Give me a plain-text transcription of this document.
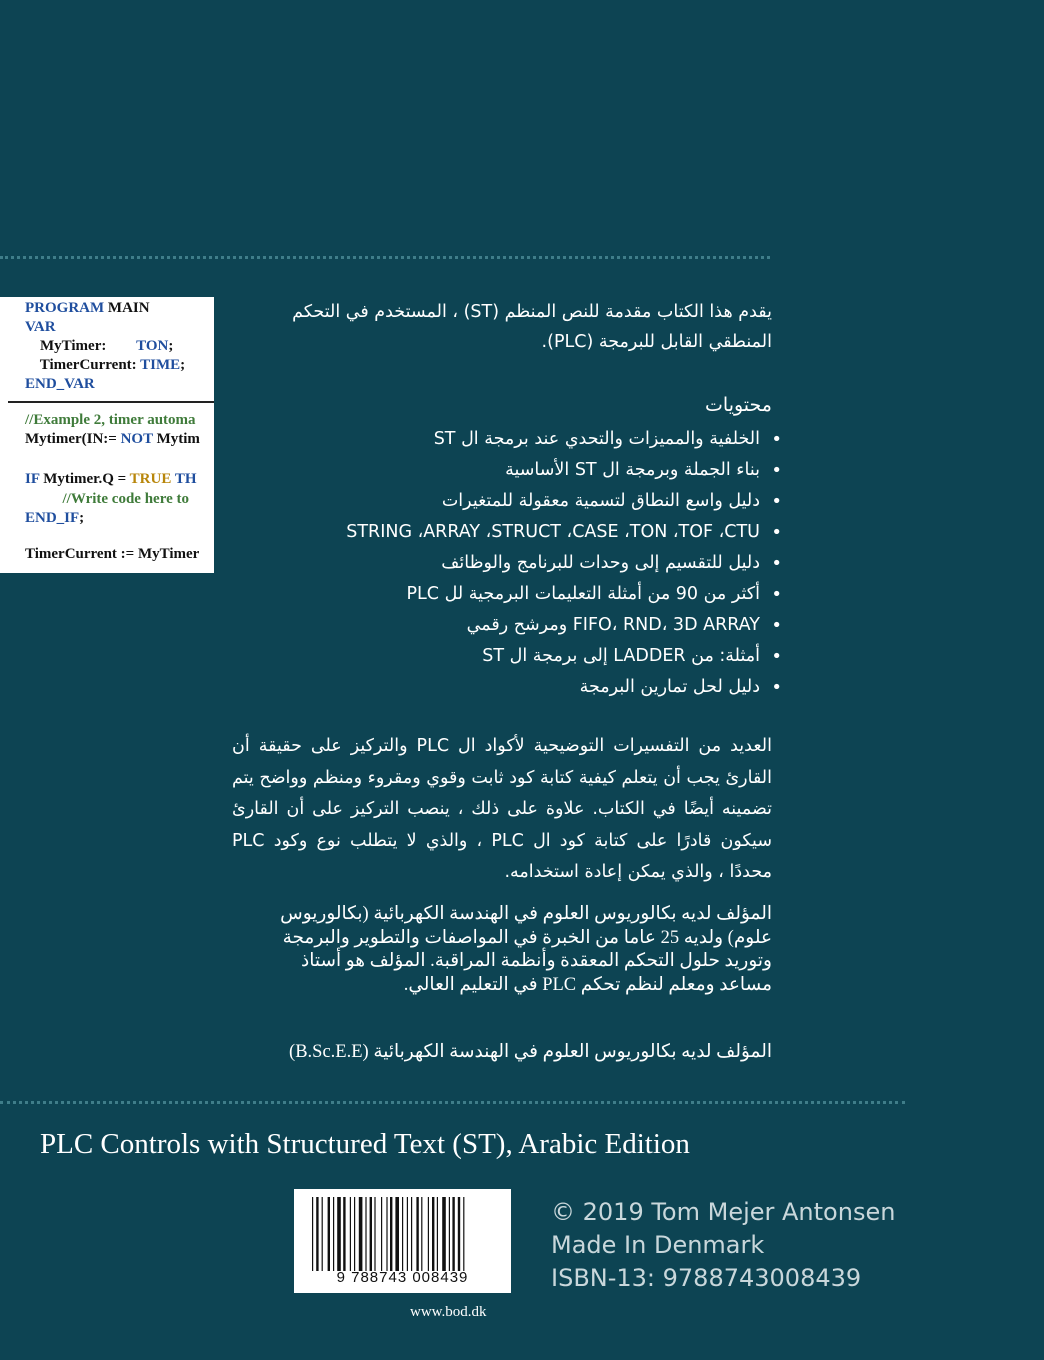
PROGRAM MAIN
VAR
MyTimer:        TON;
TimerCurrent: TIME;
END_VAR
//Example 2, timer automa
Mytimer(IN:= NOT Mytim
IF Mytimer.Q = TRUE TH
//Write code here to
END_IF;
TimerCurrent := MyTimer
يقدم هذا الكتاب مقدمة للنص المنظم (ST) ، المستخدم في التحكم المنطقي القابل للبرمجة (PLC).
محتويات
• الخلفية والمميزات والتحدي عند برمجة ال ST
• بناء الجملة وبرمجة ال ST الأساسية
• دليل واسع النطاق لتسمية معقولة للمتغيرات
• STRING ،ARRAY ،STRUCT ،CASE ،TON ،TOF ،CTU
• دليل للتقسيم إلى وحدات للبرنامج والوظائف
• أكثر من 90 من أمثلة التعليمات البرمجية لل PLC
• FIFO، RND، 3D ARRAY ومرشح رقمي
• أمثلة: من LADDER إلى برمجة ال ST
• دليل لحل تمارين البرمجة
العديد من التفسيرات التوضيحية لأكواد ال PLC والتركيز على حقيقة أن القارئ يجب أن يتعلم كيفية كتابة كود ثابت وقوي ومقروء ومنظم وواضح يتم تضمينه أيضًا في الكتاب. علاوة على ذلك ، ينصب التركيز على أن القارئ سيكون قادرًا على كتابة كود ال PLC ، والذي لا يتطلب نوع وكود PLC محددًا ، والذي يمكن إعادة استخدامه.
المؤلف لديه بكالوريوس العلوم في الهندسة الكهربائية (بكالوريوس علوم) ولديه 25 عاما من الخبرة في المواصفات والتطوير والبرمجة وتوريد حلول التحكم المعقدة وأنظمة المراقبة. المؤلف هو أستاذ مساعد ومعلم لنظم تحكم PLC في التعليم العالي.
المؤلف لديه بكالوريوس العلوم في الهندسة الكهربائية (B.Sc.E.E)
PLC Controls with Structured Text (ST), Arabic Edition
9 788743 008439
www.bod.dk
© 2019 Tom Mejer Antonsen
Made In Denmark
ISBN-13: 9788743008439
